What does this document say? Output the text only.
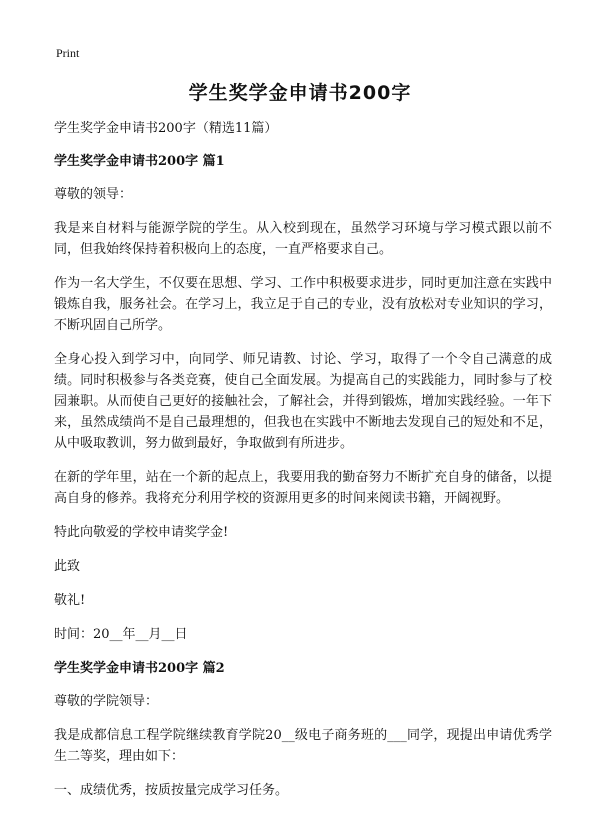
Print
学生奖学金申请书200字

学生奖学金申请书200字（精选11篇）

学生奖学金申请书200字 篇1

尊敬的领导：

我是来自材料与能源学院的学生。从入校到现在，虽然学习环境与学习模式跟以前不同，但我始终保持着积极向上的态度，一直严格要求自己。

作为一名大学生，不仅要在思想、学习、工作中积极要求进步，同时更加注意在实践中锻炼自我，服务社会。在学习上，我立足于自己的专业，没有放松对专业知识的学习，不断巩固自己所学。

全身心投入到学习中，向同学、师兄请教、讨论、学习，取得了一个令自己满意的成绩。同时积极参与各类竞赛，使自己全面发展。为提高自己的实践能力，同时参与了校园兼职。从而使自己更好的接触社会，了解社会，并得到锻炼，增加实践经验。一年下来，虽然成绩尚不是自己最理想的，但我也在实践中不断地去发现自己的短处和不足，从中吸取教训，努力做到最好，争取做到有所进步。

在新的学年里，站在一个新的起点上，我要用我的勤奋努力不断扩充自身的储备，以提高自身的修养。我将充分利用学校的资源用更多的时间来阅读书籍，开阔视野。

特此向敬爱的学校申请奖学金!

此致

敬礼!

时间：20__年__月__日

学生奖学金申请书200字 篇2

尊敬的学院领导：

我是成都信息工程学院继续教育学院20__级电子商务班的___同学，现提出申请优秀学生二等奖，理由如下：

一、成绩优秀，按质按量完成学习任务。
